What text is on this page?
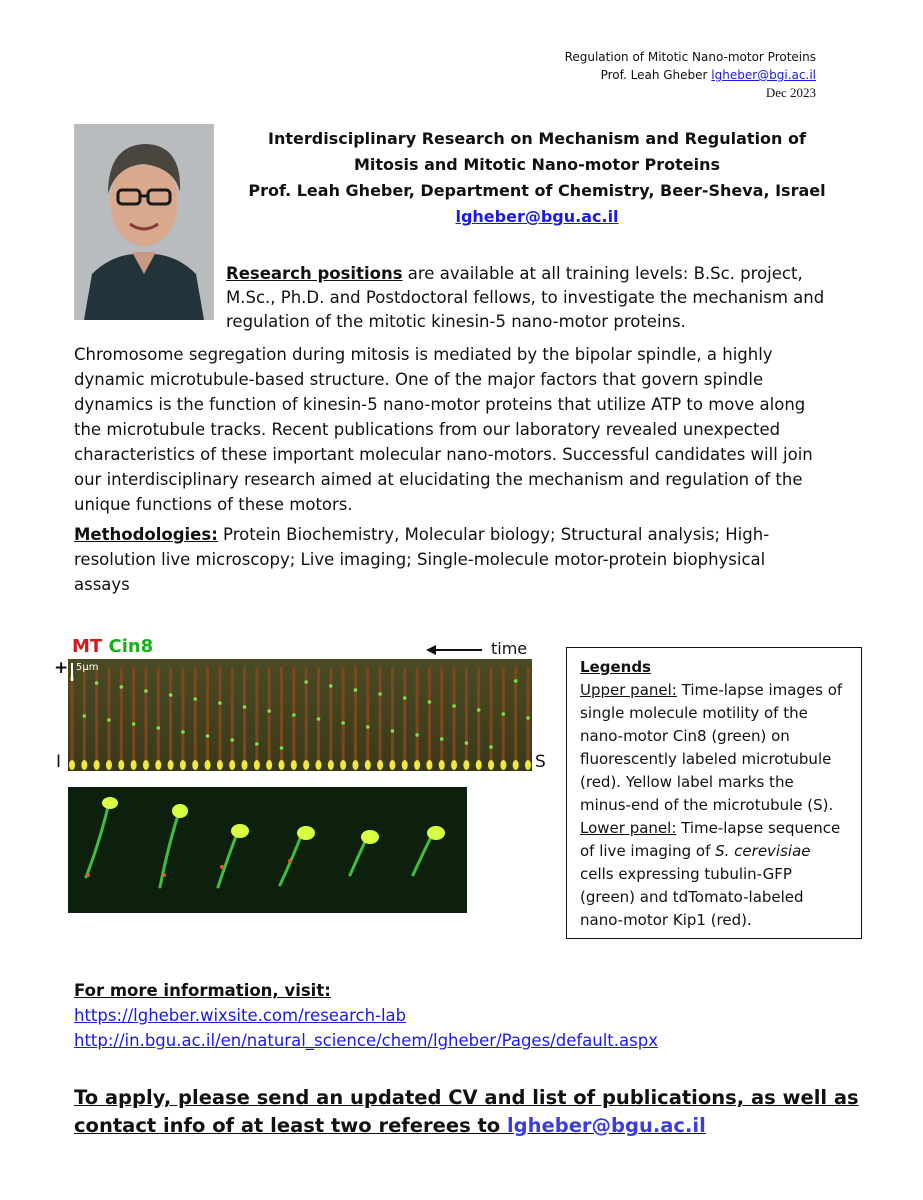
Regulation of Mitotic Nano-motor Proteins
Prof. Leah Gheber lgheber@bgi.ac.il
Dec 2023
Interdisciplinary Research on Mechanism and Regulation of
Mitosis and Mitotic Nano-motor Proteins
Prof. Leah Gheber, Department of Chemistry, Beer-Sheva, Israel
lgheber@bgu.ac.il
Research positions are available at all training levels: B.Sc. project, M.Sc., Ph.D. and Postdoctoral fellows, to investigate the mechanism and regulation of the mitotic kinesin-5 nano-motor proteins.
Chromosome segregation during mitosis is mediated by the bipolar spindle, a highly dynamic microtubule-based structure. One of the major factors that govern spindle dynamics is the function of kinesin-5 nano-motor proteins that utilize ATP to move along the microtubule tracks. Recent publications from our laboratory revealed unexpected characteristics of these important molecular nano-motors. Successful candidates will join our interdisciplinary research aimed at elucidating the mechanism and regulation of the unique functions of these motors.
Methodologies: Protein Biochemistry, Molecular biology; Structural analysis; High-resolution live microscopy; Live imaging; Single-molecule motor-protein biophysical assays
MT Cin8	time
+
I	S
5μm	Legends
Upper panel: Time-lapse images of single molecule motility of the nano-motor Cin8 (green) on fluorescently labeled microtubule (red). Yellow label marks the minus-end of the microtubule (S).
Lower panel: Time-lapse sequence of live imaging of S. cerevisiae cells expressing tubulin-GFP (green) and tdTomato-labeled nano-motor Kip1 (red).
For more information, visit:
https://lgheber.wixsite.com/research-lab
http://in.bgu.ac.il/en/natural_science/chem/lgheber/Pages/default.aspx
To apply, please send an updated CV and list of publications, as well as contact info of at least two referees to lgheber@bgu.ac.il
